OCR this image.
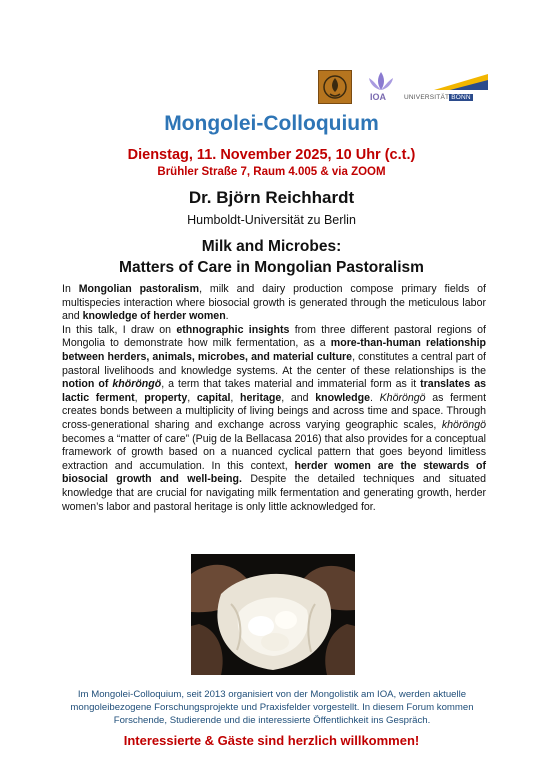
IOA	UNIVERSITÄT BONN
Mongolei-Colloquium
Dienstag, 11. November 2025, 10 Uhr (c.t.)
Brühler Straße 7, Raum 4.005 & via ZOOM
Dr. Björn Reichhardt
Humboldt-Universität zu Berlin
Milk and Microbes:
Matters of Care in Mongolian Pastoralism

In Mongolian pastoralism, milk and dairy production compose primary fields of multispecies interaction where biosocial growth is generated through the meticulous labor and knowledge of herder women.

In this talk, I draw on ethnographic insights from three different pastoral regions of Mongolia to demonstrate how milk fermentation, as a more-than-human relationship between herders, animals, microbes, and material culture, constitutes a central part of pastoral livelihoods and knowledge systems. At the center of these relationships is the notion of khöröngö, a term that takes material and immaterial form as it translates as lactic ferment, property, capital, heritage, and knowledge. Khöröngö as ferment creates bonds between a multiplicity of living beings and across time and space. Through cross-generational sharing and exchange across varying geographic scales, khöröngö becomes a “matter of care” (Puig de la Bellacasa 2016) that also provides for a conceptual framework of growth based on a nuanced cyclical pattern that goes beyond limitless extraction and accumulation. In this context, herder women are the stewards of biosocial growth and well-being. Despite the detailed techniques and situated knowledge that are crucial for navigating milk fermentation and generating growth, herder women’s labor and pastoral heritage is only little acknowledged for.

Im Mongolei-Colloquium, seit 2013 organisiert von der Mongolistik am IOA, werden aktuelle mongoleibezogene Forschungsprojekte und Praxisfelder vorgestellt. In diesem Forum kommen Forschende, Studierende und die interessierte Öffentlichkeit ins Gespräch.
Interessierte & Gäste sind herzlich willkommen!
